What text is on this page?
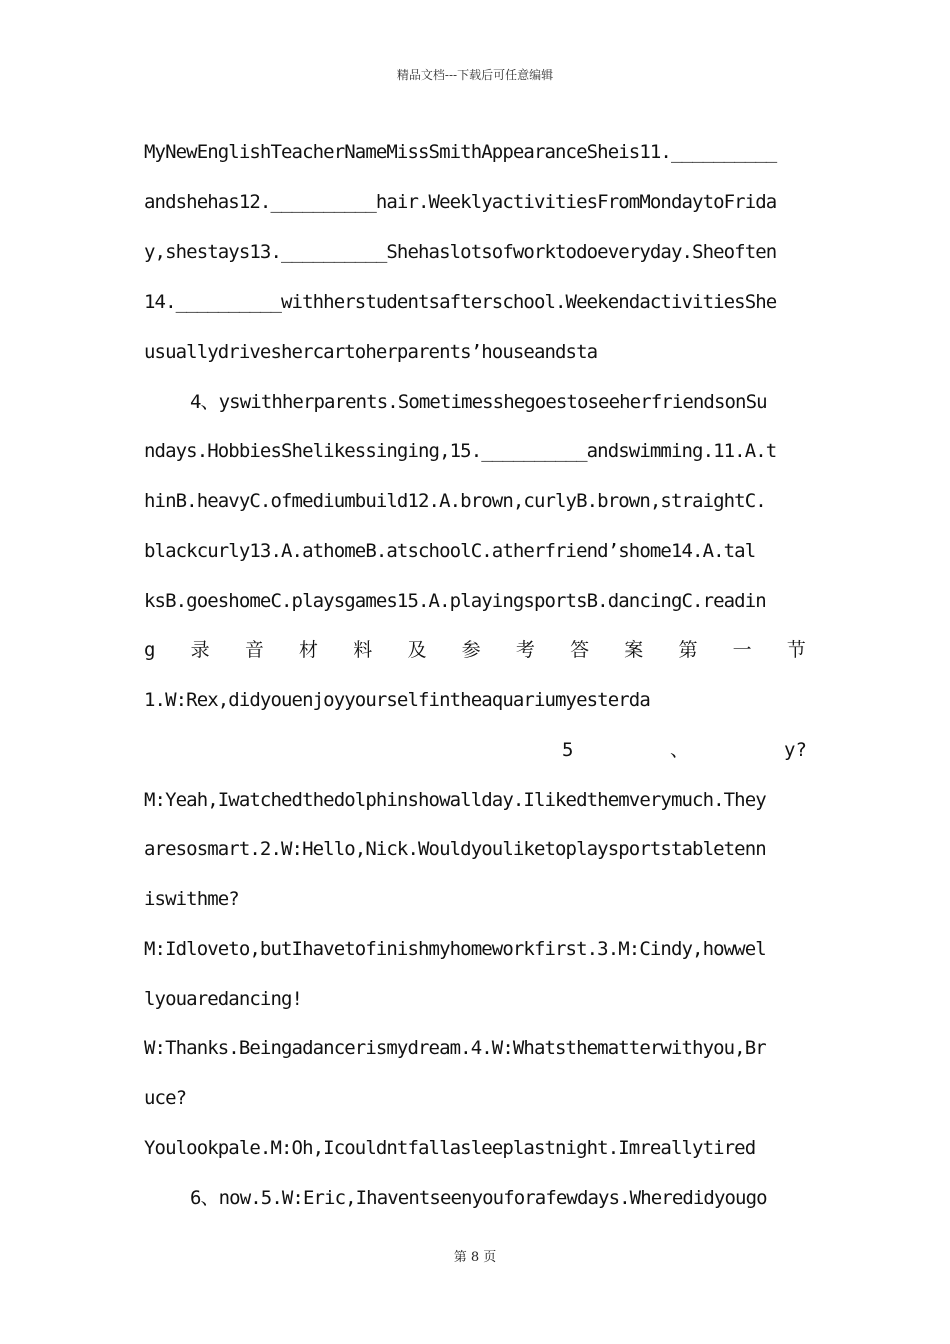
精品文档---下载后可任意编辑
MyNewEnglishTeacherNameMissSmithAppearanceSheis11.__________
andshehas12.__________hair.WeeklyactivitiesFromMondaytoFrida
y,shestays13.__________Shehaslotsofworktodoeveryday.Sheoften
14.__________withherstudentsafterschool.WeekendactivitiesShe
usuallydriveshercartoherparents’houseandsta
4、yswithherparents.SometimesshegoestoseeherfriendsonSu
ndays.HobbiesShelikessinging,15.__________andswimming.11.A.t
hinB.heavyC.ofmediumbuild12.A.brown,curlyB.brown,straightC.
blackcurly13.A.athomeB.atschoolC.atherfriend’shome14.A.tal
ksB.goeshomeC.playsgames15.A.playingsportsB.dancingC.readin
g 录 音 材 料 及 参 考 答 案 第 一 节
1.W:Rex,didyouenjoyyourselfintheaquariumyesterda
5	、	y?
M:Yeah,Iwatchedthedolphinshowallday.Ilikedthemverymuch.They
aresosmart.2.W:Hello,Nick.Wouldyouliketoplaysportstabletenn
iswithme?
M:Idloveto,butIhavetofinishmyhomeworkfirst.3.M:Cindy,howwel
lyouaredancing!
W:Thanks.Beingadancerismydream.4.W:Whatsthematterwithyou,Br
uce?
Youlookpale.M:Oh,Icouldntfallasleeplastnight.Imreallytired
6、now.5.W:Eric,Ihaventseenyouforafewdays.Wheredidyougo
第 8 页
